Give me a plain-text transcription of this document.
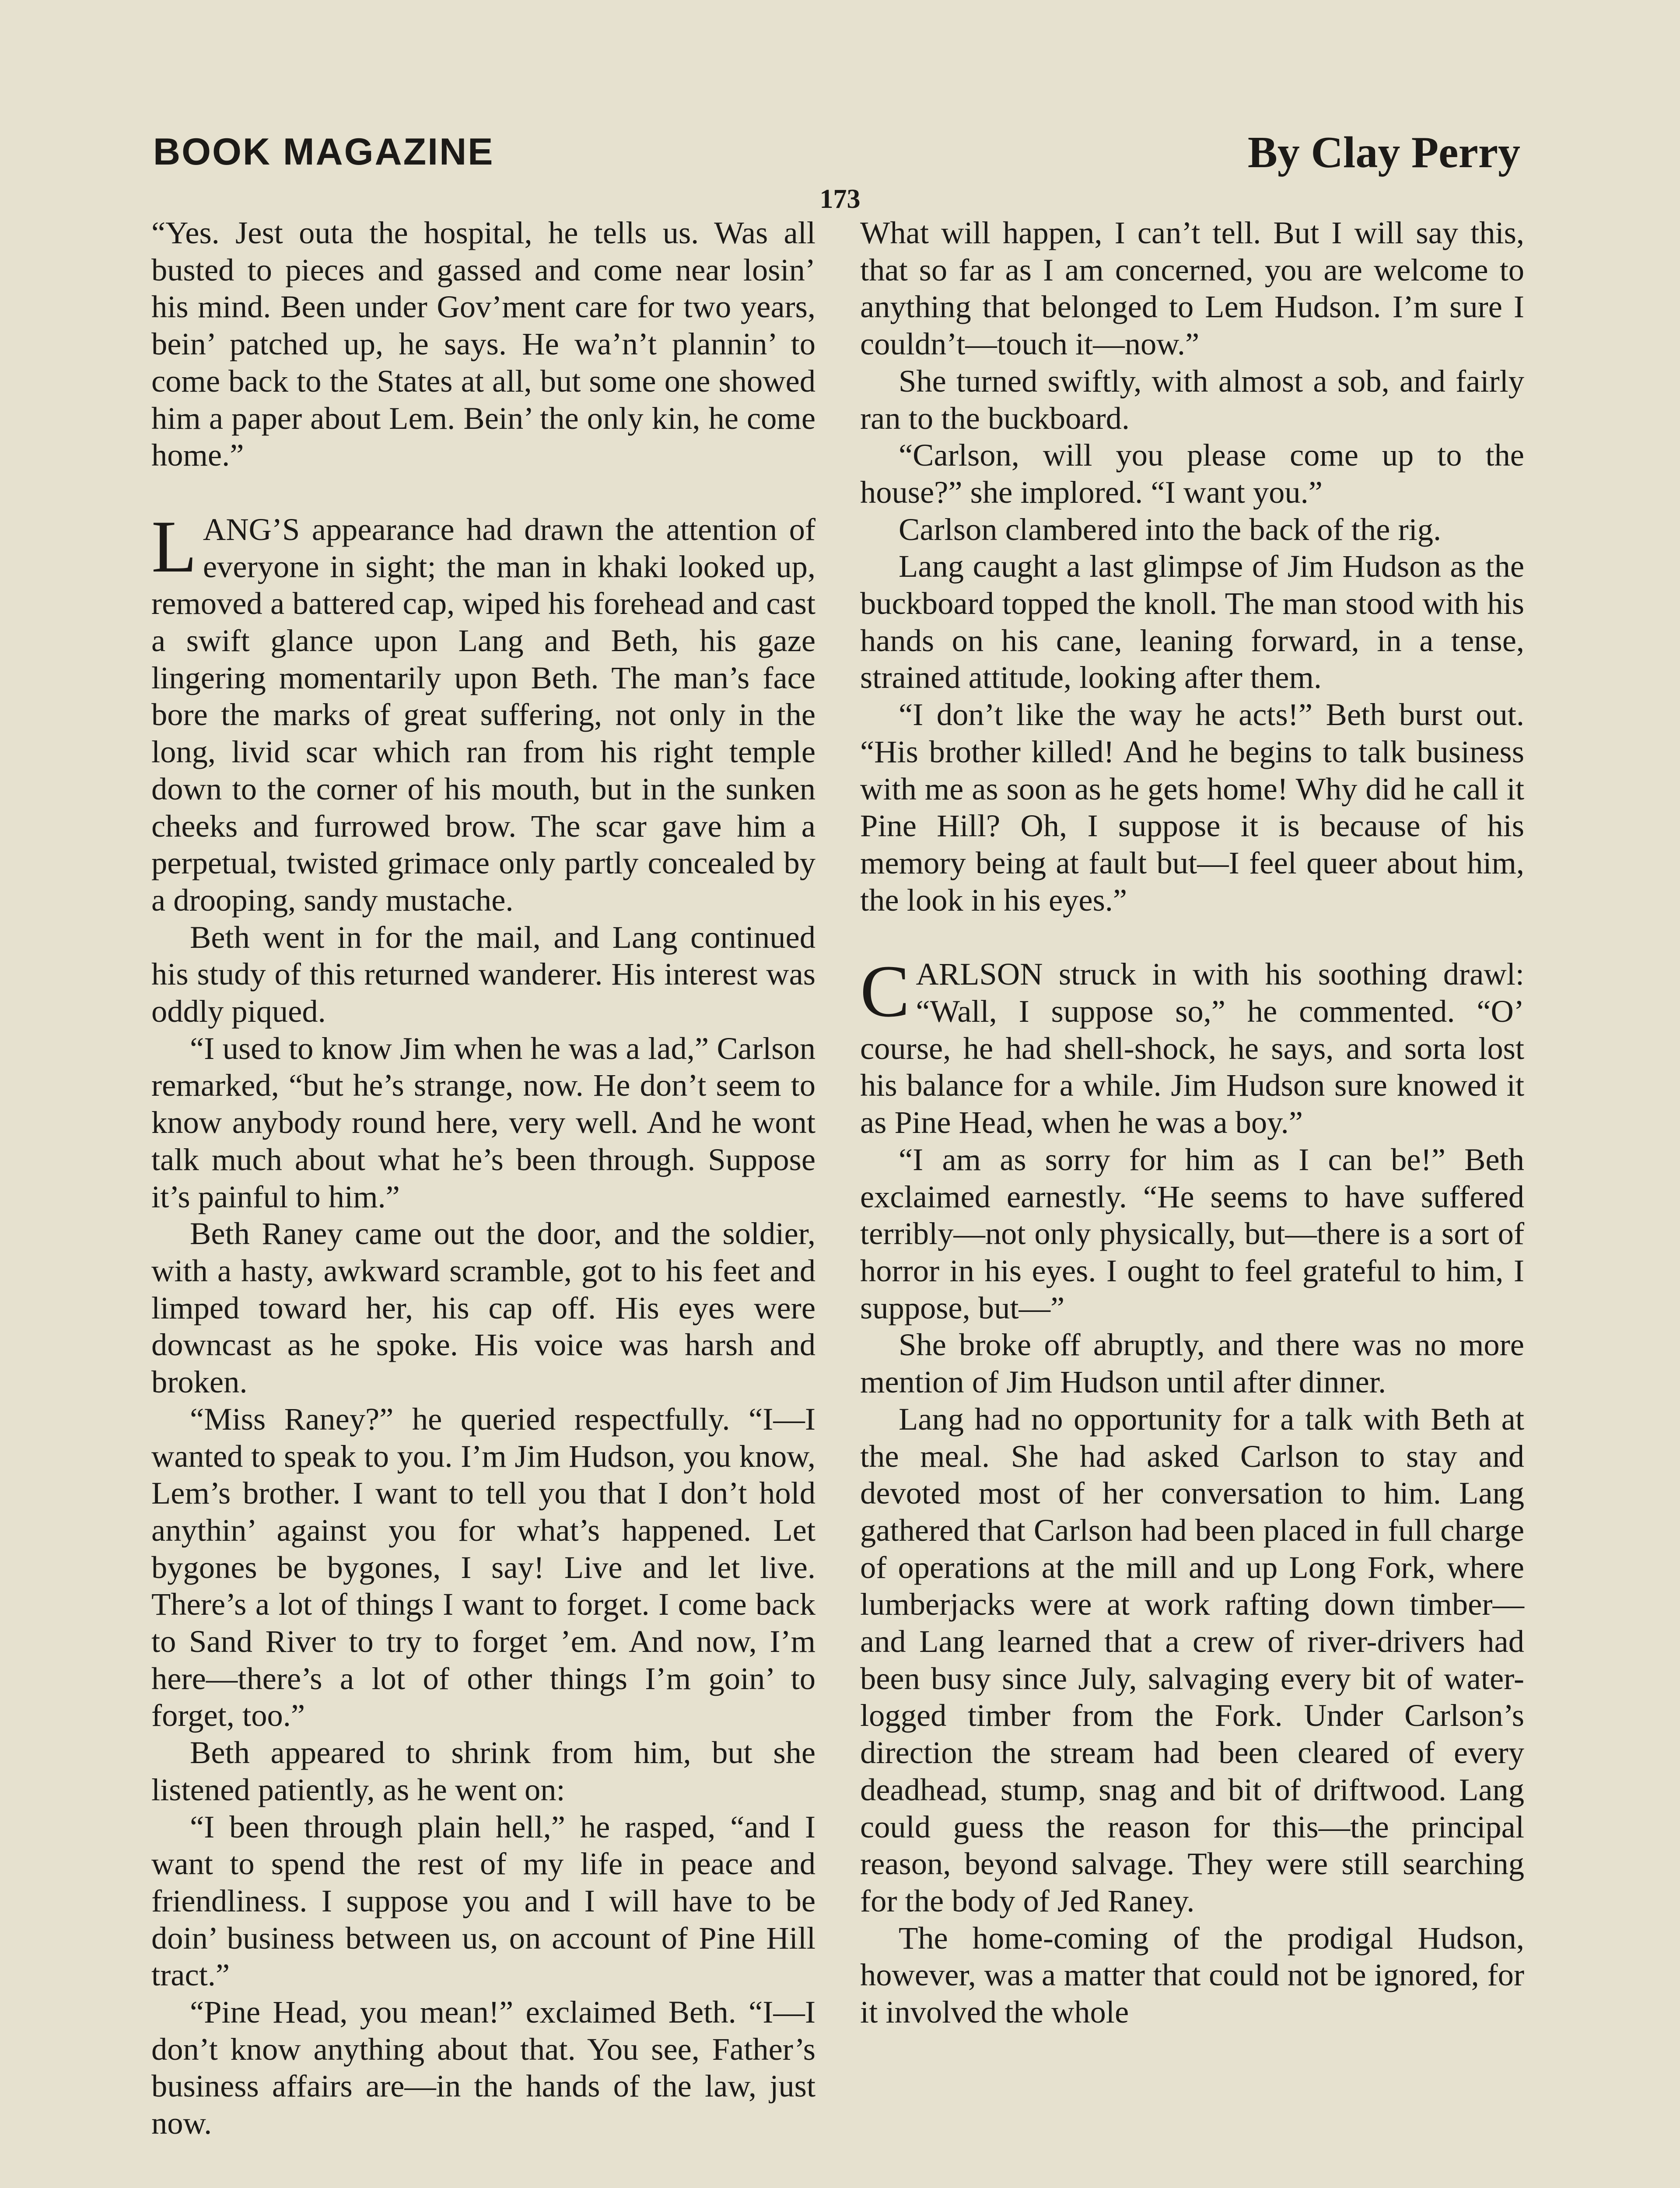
BOOK MAGAZINE	By Clay Perry
173

“Yes. Jest outa the hospital, he tells us. Was all busted to pieces and gassed and come near losin’ his mind. Been under Gov’ment care for two years, bein’ patched up, he says. He wa’n’t plannin’ to come back to the States at all, but some one showed him a paper about Lem. Bein’ the only kin, he come home.”

LANG’S appearance had drawn the attention of everyone in sight; the man in khaki looked up, removed a battered cap, wiped his forehead and cast a swift glance upon Lang and Beth, his gaze lingering momentarily upon Beth. The man’s face bore the marks of great suffering, not only in the long, livid scar which ran from his right temple down to the corner of his mouth, but in the sunken cheeks and furrowed brow. The scar gave him a perpetual, twisted grimace only partly concealed by a drooping, sandy mustache.

Beth went in for the mail, and Lang continued his study of this returned wanderer. His interest was oddly piqued.

“I used to know Jim when he was a lad,” Carlson remarked, “but he’s strange, now. He don’t seem to know anybody round here, very well. And he wont talk much about what he’s been through. Suppose it’s painful to him.”

Beth Raney came out the door, and the soldier, with a hasty, awkward scramble, got to his feet and limped toward her, his cap off. His eyes were downcast as he spoke. His voice was harsh and broken.

“Miss Raney?” he queried respectfully. “I—I wanted to speak to you. I’m Jim Hudson, you know, Lem’s brother. I want to tell you that I don’t hold anythin’ against you for what’s happened. Let bygones be bygones, I say! Live and let live. There’s a lot of things I want to forget. I come back to Sand River to try to forget ’em. And now, I’m here—there’s a lot of other things I’m goin’ to forget, too.”

Beth appeared to shrink from him, but she listened patiently, as he went on:

“I been through plain hell,” he rasped, “and I want to spend the rest of my life in peace and friendliness. I suppose you and I will have to be doin’ business between us, on account of Pine Hill tract.”

“Pine Head, you mean!” exclaimed Beth. “I—I don’t know anything about that. You see, Father’s business affairs are—in the hands of the law, just now.

What will happen, I can’t tell. But I will say this, that so far as I am concerned, you are welcome to anything that belonged to Lem Hudson. I’m sure I couldn’t—touch it—now.”

She turned swiftly, with almost a sob, and fairly ran to the buckboard.

“Carlson, will you please come up to the house?” she implored. “I want you.”

Carlson clambered into the back of the rig.

Lang caught a last glimpse of Jim Hudson as the buckboard topped the knoll. The man stood with his hands on his cane, leaning forward, in a tense, strained attitude, looking after them.

“I don’t like the way he acts!” Beth burst out. “His brother killed! And he begins to talk business with me as soon as he gets home! Why did he call it Pine Hill? Oh, I suppose it is because of his memory being at fault but—I feel queer about him, the look in his eyes.”

CARLSON struck in with his soothing drawl: “Wall, I suppose so,” he commented. “O’ course, he had shell-shock, he says, and sorta lost his balance for a while. Jim Hudson sure knowed it as Pine Head, when he was a boy.”

“I am as sorry for him as I can be!” Beth exclaimed earnestly. “He seems to have suffered terribly—not only physically, but—there is a sort of horror in his eyes. I ought to feel grateful to him, I suppose, but—”

She broke off abruptly, and there was no more mention of Jim Hudson until after dinner.

Lang had no opportunity for a talk with Beth at the meal. She had asked Carlson to stay and devoted most of her conversation to him. Lang gathered that Carlson had been placed in full charge of operations at the mill and up Long Fork, where lumberjacks were at work rafting down timber—and Lang learned that a crew of river-drivers had been busy since July, salvaging every bit of water-logged timber from the Fork. Under Carlson’s direction the stream had been cleared of every deadhead, stump, snag and bit of driftwood. Lang could guess the reason for this—the principal reason, beyond salvage. They were still searching for the body of Jed Raney.

The home-coming of the prodigal Hudson, however, was a matter that could not be ignored, for it involved the whole
